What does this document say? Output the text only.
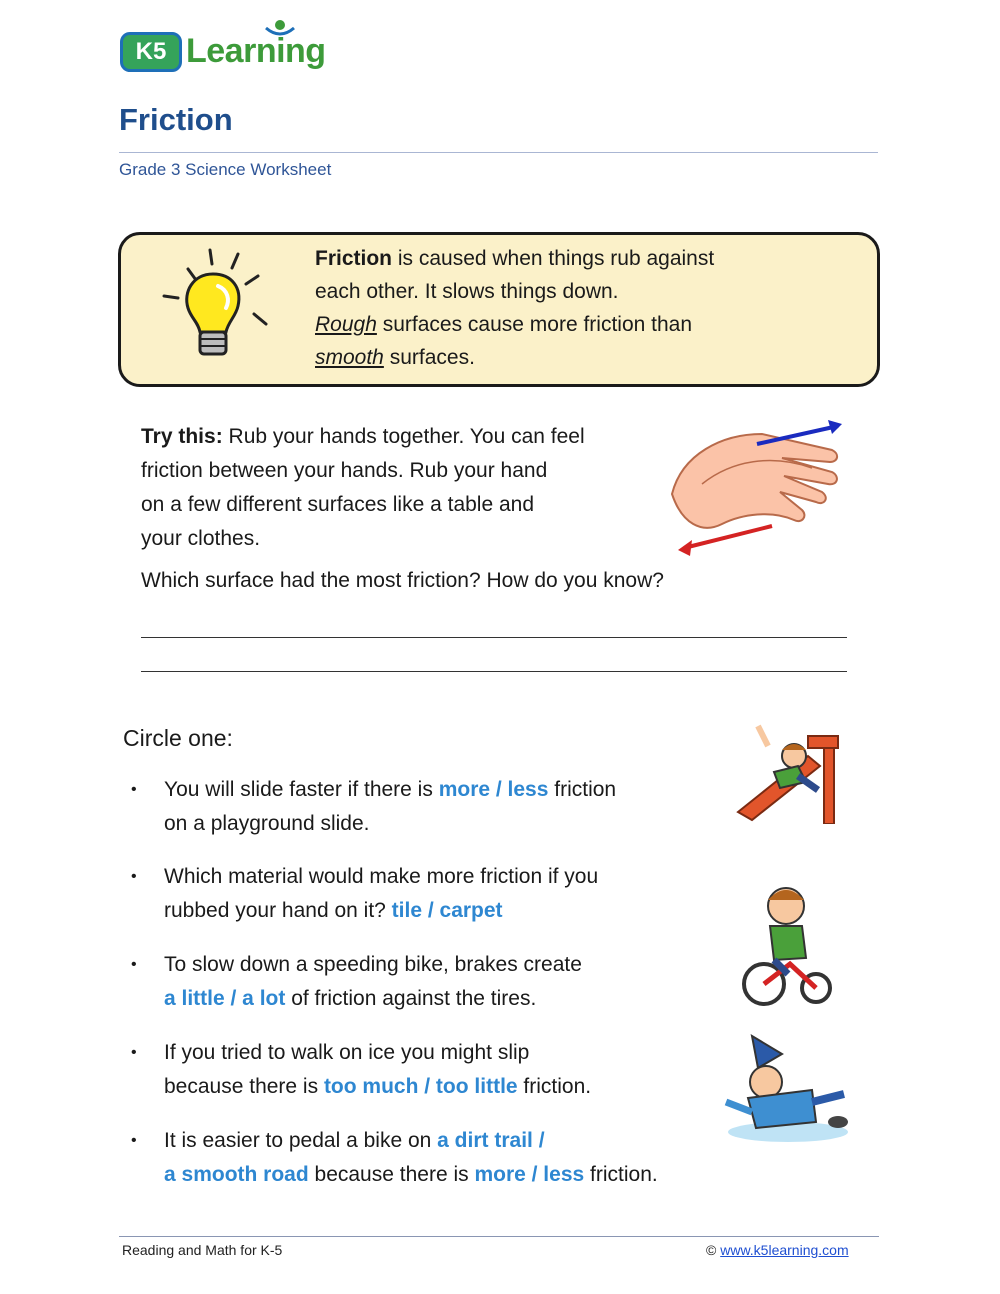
K5 Learning
Friction
Grade 3 Science Worksheet
Friction is caused when things rub against
each other. It slows things down.
Rough surfaces cause more friction than
smooth surfaces.
Try this: Rub your hands together. You can feel
friction between your hands. Rub your hand
on a few different surfaces like a table and
your clothes.
Which surface had the most friction? How do you know?
Circle one:
• You will slide faster if there is more / less friction
on a playground slide.
• Which material would make more friction if you
rubbed your hand on it? tile / carpet
• To slow down a speeding bike, brakes create
a little / a lot of friction against the tires.
• If you tried to walk on ice you might slip
because there is too much / too little friction.
• It is easier to pedal a bike on a dirt trail /
a smooth road because there is more / less friction.
Reading and Math for K-5	© www.k5learning.com
